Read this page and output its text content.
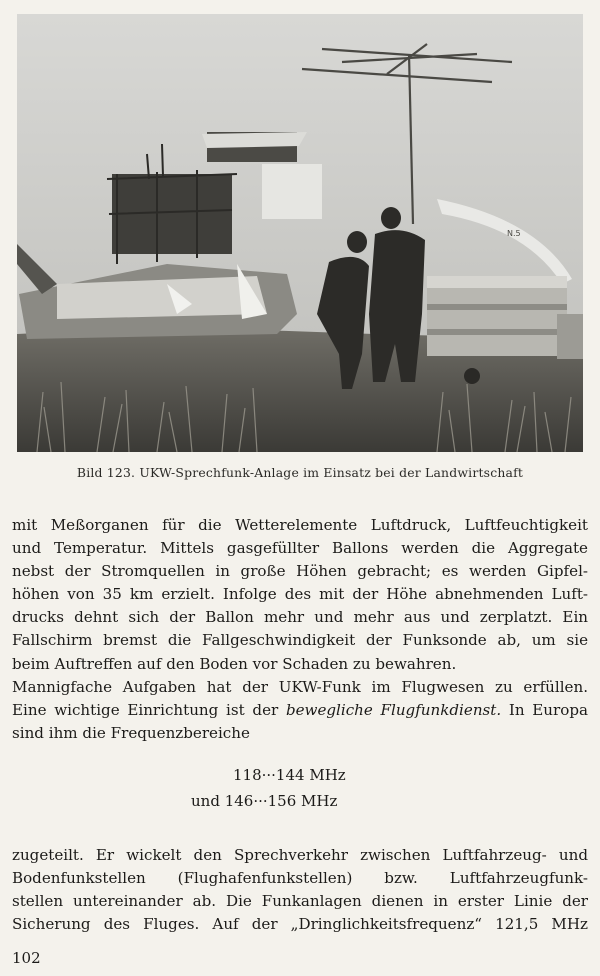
N.5
Bild 123. UKW-Sprechfunk-Anlage im Einsatz bei der Landwirtschaft
mit Meßorganen für die Wetterelemente Luftdruck, Luftfeuchtigkeit
und Temperatur. Mittels gasgefüllter Ballons werden die Aggregate
nebst der Stromquellen in große Höhen gebracht; es werden Gipfel-
höhen von 35 km erzielt. Infolge des mit der Höhe abnehmenden Luft-
drucks dehnt sich der Ballon mehr und mehr aus und zerplatzt. Ein
Fallschirm bremst die Fallgeschwindigkeit der Funksonde ab, um sie
beim Auftreffen auf den Boden vor Schaden zu bewahren.
Mannigfache Aufgaben hat der UKW-Funk im Flugwesen zu erfüllen.
Eine wichtige Einrichtung ist der bewegliche Flugfunkdienst. In Europa
sind ihm die Frequenzbereiche
118···144 MHz
und 146···156 MHz
zugeteilt. Er wickelt den Sprechverkehr zwischen Luftfahrzeug- und
Bodenfunkstellen (Flughafenfunkstellen) bzw. Luftfahrzeugfunk-
stellen untereinander ab. Die Funkanlagen dienen in erster Linie der
Sicherung des Fluges. Auf der „Dringlichkeitsfrequenz“ 121,5 MHz
102
